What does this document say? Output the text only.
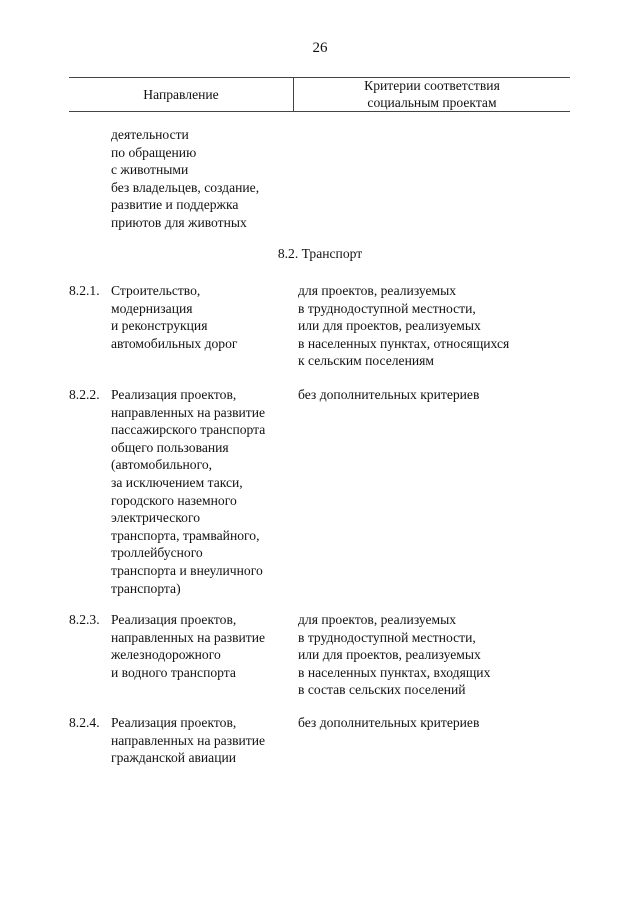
26
Направление
Критерии соответствия
социальным проектам
деятельности
по обращению
с животными
без владельцев, создание,
развитие и поддержка
приютов для животных
8.2. Транспорт
8.2.1. Строительство,
модернизация
и реконструкция
автомобильных дорог
для проектов, реализуемых
в труднодоступной местности,
или для проектов, реализуемых
в населенных пунктах, относящихся
к сельским поселениям
8.2.2. Реализация проектов,
направленных на развитие
пассажирского транспорта
общего пользования
(автомобильного,
за исключением такси,
городского наземного
электрического
транспорта, трамвайного,
троллейбусного
транспорта и внеуличного
транспорта)
без дополнительных критериев
8.2.3. Реализация проектов,
направленных на развитие
железнодорожного
и водного транспорта
для проектов, реализуемых
в труднодоступной местности,
или для проектов, реализуемых
в населенных пунктах, входящих
в состав сельских поселений
8.2.4. Реализация проектов,
направленных на развитие
гражданской авиации
без дополнительных критериев
